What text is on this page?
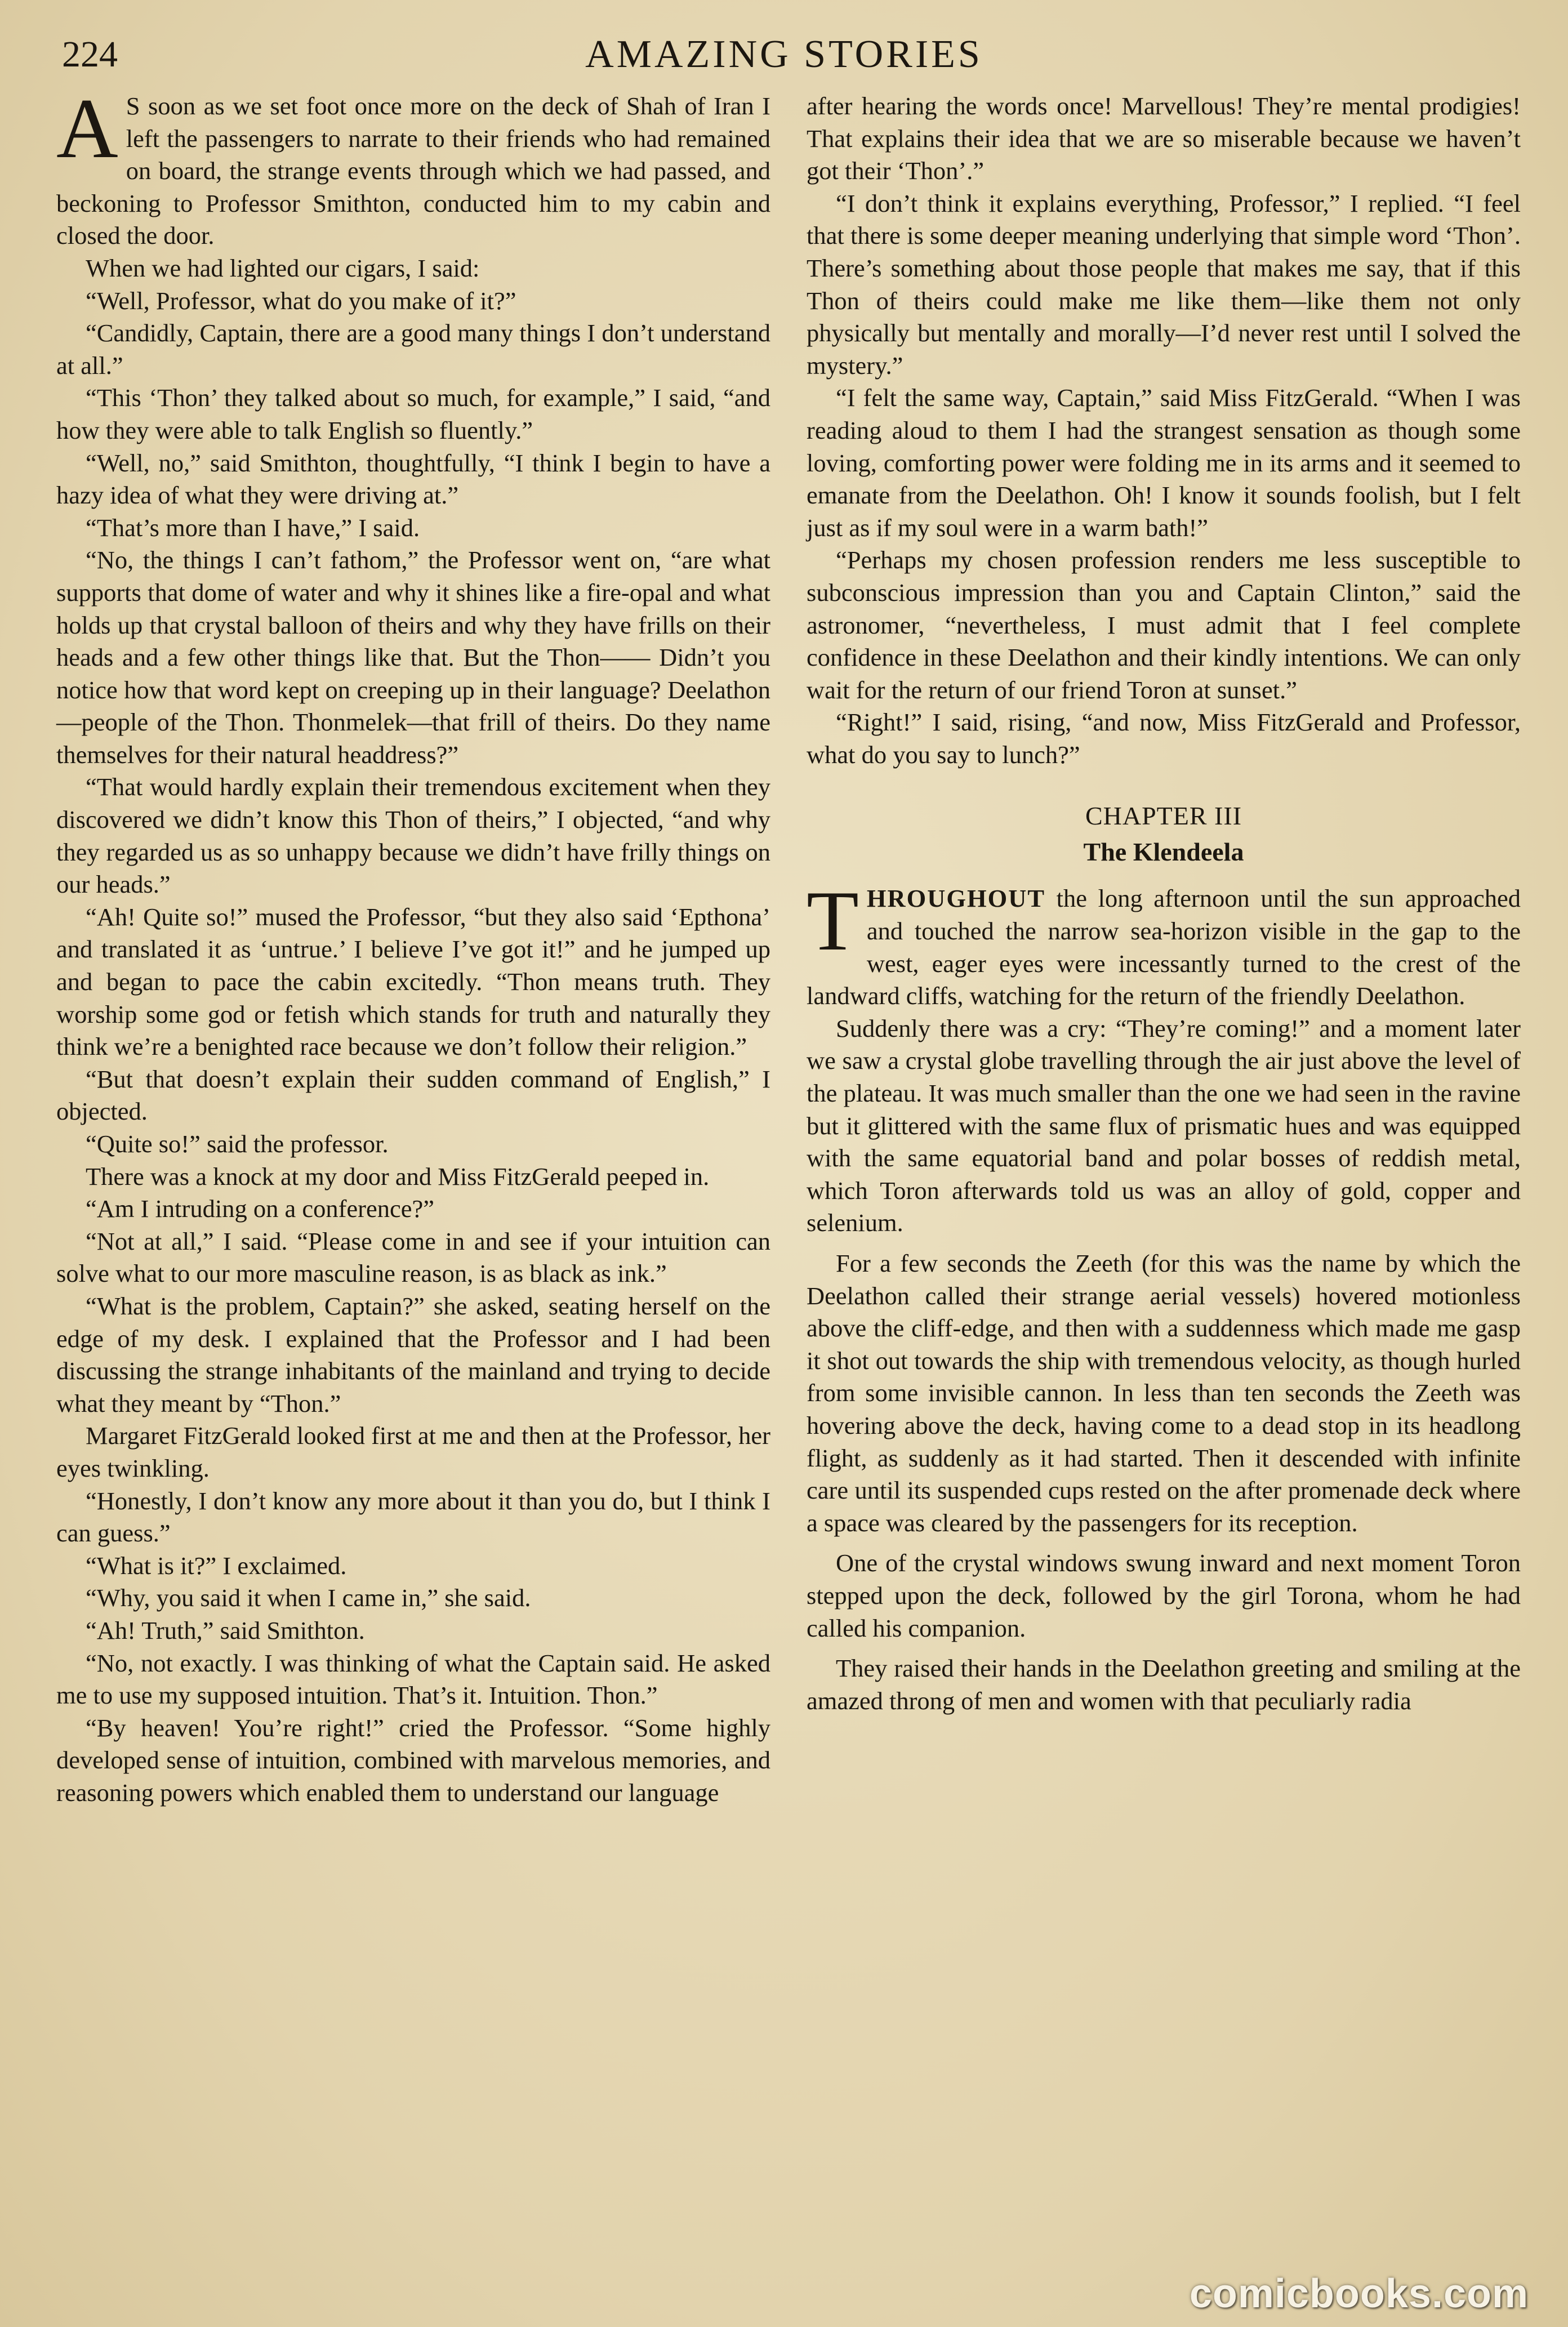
224	AMAZING STORIES

A S soon as we set foot once more on the deck of Shah of Iran I left the passengers to narrate to their friends who had remained on board, the strange events through which we had passed, and beckoning to Professor Smithton, conducted him to my cabin and closed the door.

When we had lighted our cigars, I said:

“Well, Professor, what do you make of it?”

“Candidly, Captain, there are a good many things I don’t understand at all.”

“This ‘Thon’ they talked about so much, for example,” I said, “and how they were able to talk English so fluently.”

“Well, no,” said Smithton, thoughtfully, “I think I begin to have a hazy idea of what they were driving at.”

“That’s more than I have,” I said.

“No, the things I can’t fathom,” the Professor went on, “are what supports that dome of water and why it shines like a fire-opal and what holds up that crystal balloon of theirs and why they have frills on their heads and a few other things like that. But the Thon—— Didn’t you notice how that word kept on creeping up in their language? Deelathon —people of the Thon. Thonmelek—that frill of theirs. Do they name themselves for their natural headdress?”

“That would hardly explain their tremendous excitement when they discovered we didn’t know this Thon of theirs,” I objected, “and why they regarded us as so unhappy because we didn’t have frilly things on our heads.”

“Ah! Quite so!” mused the Professor, “but they also said ‘Epthona’ and translated it as ‘untrue.’ I believe I’ve got it!” and he jumped up and began to pace the cabin excitedly. “Thon means truth. They worship some god or fetish which stands for truth and naturally they think we’re a benighted race because we don’t follow their religion.”

“But that doesn’t explain their sudden command of English,” I objected.

“Quite so!” said the professor.

There was a knock at my door and Miss FitzGerald peeped in.

“Am I intruding on a conference?”

“Not at all,” I said. “Please come in and see if your intuition can solve what to our more masculine reason, is as black as ink.”

“What is the problem, Captain?” she asked, seating herself on the edge of my desk. I explained that the Professor and I had been discussing the strange inhabitants of the mainland and trying to decide what they meant by “Thon.”

Margaret FitzGerald looked first at me and then at the Professor, her eyes twinkling.

“Honestly, I don’t know any more about it than you do, but I think I can guess.”

“What is it?” I exclaimed.

“Why, you said it when I came in,” she said.

“Ah! Truth,” said Smithton.

“No, not exactly. I was thinking of what the Captain said. He asked me to use my supposed intuition. That’s it. Intuition. Thon.”

“By heaven! You’re right!” cried the Professor. “Some highly developed sense of intuition, combined with marvelous memories, and reasoning powers which enabled them to understand our language

after hearing the words once! Marvellous! They’re mental prodigies! That explains their idea that we are so miserable because we haven’t got their ‘Thon’.”

“I don’t think it explains everything, Professor,” I replied. “I feel that there is some deeper meaning underlying that simple word ‘Thon’. There’s something about those people that makes me say, that if this Thon of theirs could make me like them—like them not only physically but mentally and morally—I’d never rest until I solved the mystery.”

“I felt the same way, Captain,” said Miss FitzGerald. “When I was reading aloud to them I had the strangest sensation as though some loving, comforting power were folding me in its arms and it seemed to emanate from the Deelathon. Oh! I know it sounds foolish, but I felt just as if my soul were in a warm bath!”

“Perhaps my chosen profession renders me less susceptible to subconscious impression than you and Captain Clinton,” said the astronomer, “nevertheless, I must admit that I feel complete confidence in these Deelathon and their kindly intentions. We can only wait for the return of our friend Toron at sunset.”

“Right!” I said, rising, “and now, Miss FitzGerald and Professor, what do you say to lunch?”

CHAPTER III
The Klendeela

THROUGHOUT the long afternoon until the sun approached and touched the narrow sea-horizon visible in the gap to the west, eager eyes were incessantly turned to the crest of the landward cliffs, watching for the return of the friendly Deelathon.

Suddenly there was a cry: “They’re coming!” and a moment later we saw a crystal globe travelling through the air just above the level of the plateau. It was much smaller than the one we had seen in the ravine but it glittered with the same flux of prismatic hues and was equipped with the same equatorial band and polar bosses of reddish metal, which Toron afterwards told us was an alloy of gold, copper and selenium.

For a few seconds the Zeeth (for this was the name by which the Deelathon called their strange aerial vessels) hovered motionless above the cliff-edge, and then with a suddenness which made me gasp it shot out towards the ship with tremendous velocity, as though hurled from some invisible cannon. In less than ten seconds the Zeeth was hovering above the deck, having come to a dead stop in its headlong flight, as suddenly as it had started. Then it descended with infinite care until its suspended cups rested on the after promenade deck where a space was cleared by the passengers for its reception.

One of the crystal windows swung inward and next moment Toron stepped upon the deck, followed by the girl Torona, whom he had called his companion.

They raised their hands in the Deelathon greeting and smiling at the amazed throng of men and women with that peculiarly radia

comicbooks.com
